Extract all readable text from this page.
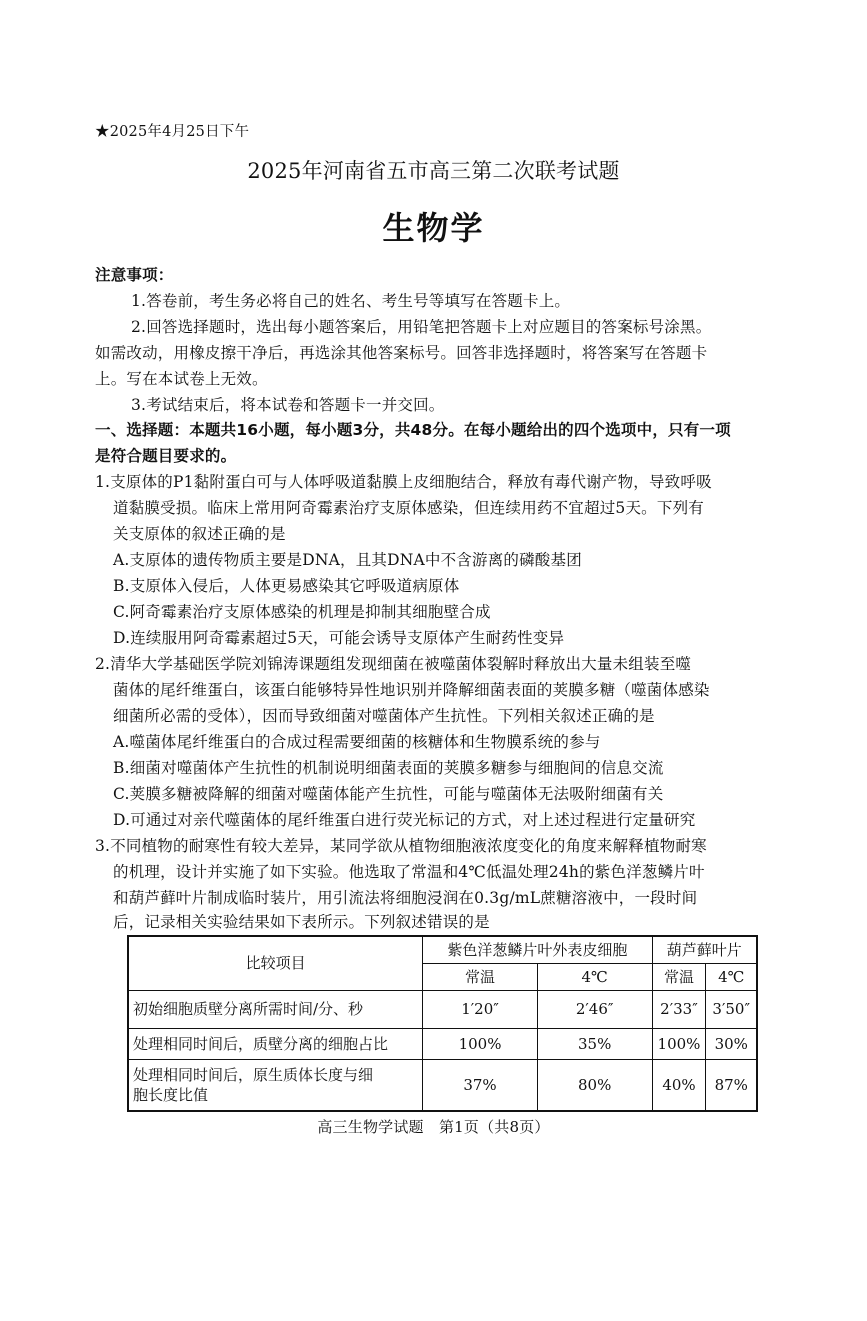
★2025年4月25日下午
2025年河南省五市高三第二次联考试题
生物学
注意事项：
1.答卷前，考生务必将自己的姓名、考生号等填写在答题卡上。
2.回答选择题时，选出每小题答案后，用铅笔把答题卡上对应题目的答案标号涂黑。
如需改动，用橡皮擦干净后，再选涂其他答案标号。回答非选择题时，将答案写在答题卡
上。写在本试卷上无效。
3.考试结束后，将本试卷和答题卡一并交回。
一、选择题：本题共16小题，每小题3分，共48分。在每小题给出的四个选项中，只有一项
是符合题目要求的。
1.支原体的P1黏附蛋白可与人体呼吸道黏膜上皮细胞结合，释放有毒代谢产物，导致呼吸
道黏膜受损。临床上常用阿奇霉素治疗支原体感染，但连续用药不宜超过5天。下列有
关支原体的叙述正确的是
A.支原体的遗传物质主要是DNA，且其DNA中不含游离的磷酸基团
B.支原体入侵后，人体更易感染其它呼吸道病原体
C.阿奇霉素治疗支原体感染的机理是抑制其细胞壁合成
D.连续服用阿奇霉素超过5天，可能会诱导支原体产生耐药性变异
2.清华大学基础医学院刘锦涛课题组发现细菌在被噬菌体裂解时释放出大量未组装至噬
菌体的尾纤维蛋白，该蛋白能够特异性地识别并降解细菌表面的荚膜多糖（噬菌体感染
细菌所必需的受体），因而导致细菌对噬菌体产生抗性。下列相关叙述正确的是
A.噬菌体尾纤维蛋白的合成过程需要细菌的核糖体和生物膜系统的参与
B.细菌对噬菌体产生抗性的机制说明细菌表面的荚膜多糖参与细胞间的信息交流
C.荚膜多糖被降解的细菌对噬菌体能产生抗性，可能与噬菌体无法吸附细菌有关
D.可通过对亲代噬菌体的尾纤维蛋白进行荧光标记的方式，对上述过程进行定量研究
3.不同植物的耐寒性有较大差异，某同学欲从植物细胞液浓度变化的角度来解释植物耐寒
的机理，设计并实施了如下实验。他选取了常温和4℃低温处理24h的紫色洋葱鳞片叶
和葫芦藓叶片制成临时装片，用引流法将细胞浸润在0.3g/mL蔗糖溶液中，一段时间
后，记录相关实验结果如下表所示。下列叙述错误的是
比较项目	紫色洋葱鳞片叶外表皮细胞		葫芦藓叶片	
	常温	4℃	常温	4℃
初始细胞质壁分离所需时间/分、秒	1′20″	2′46″	2′33″	3′50″
处理相同时间后，质壁分离的细胞占比	100%	35%	100%	30%

处理相同时间后，原生质体长度与细
胞长度比值	37%	80%	40%	87%
高三生物学试题　第1页（共8页）
